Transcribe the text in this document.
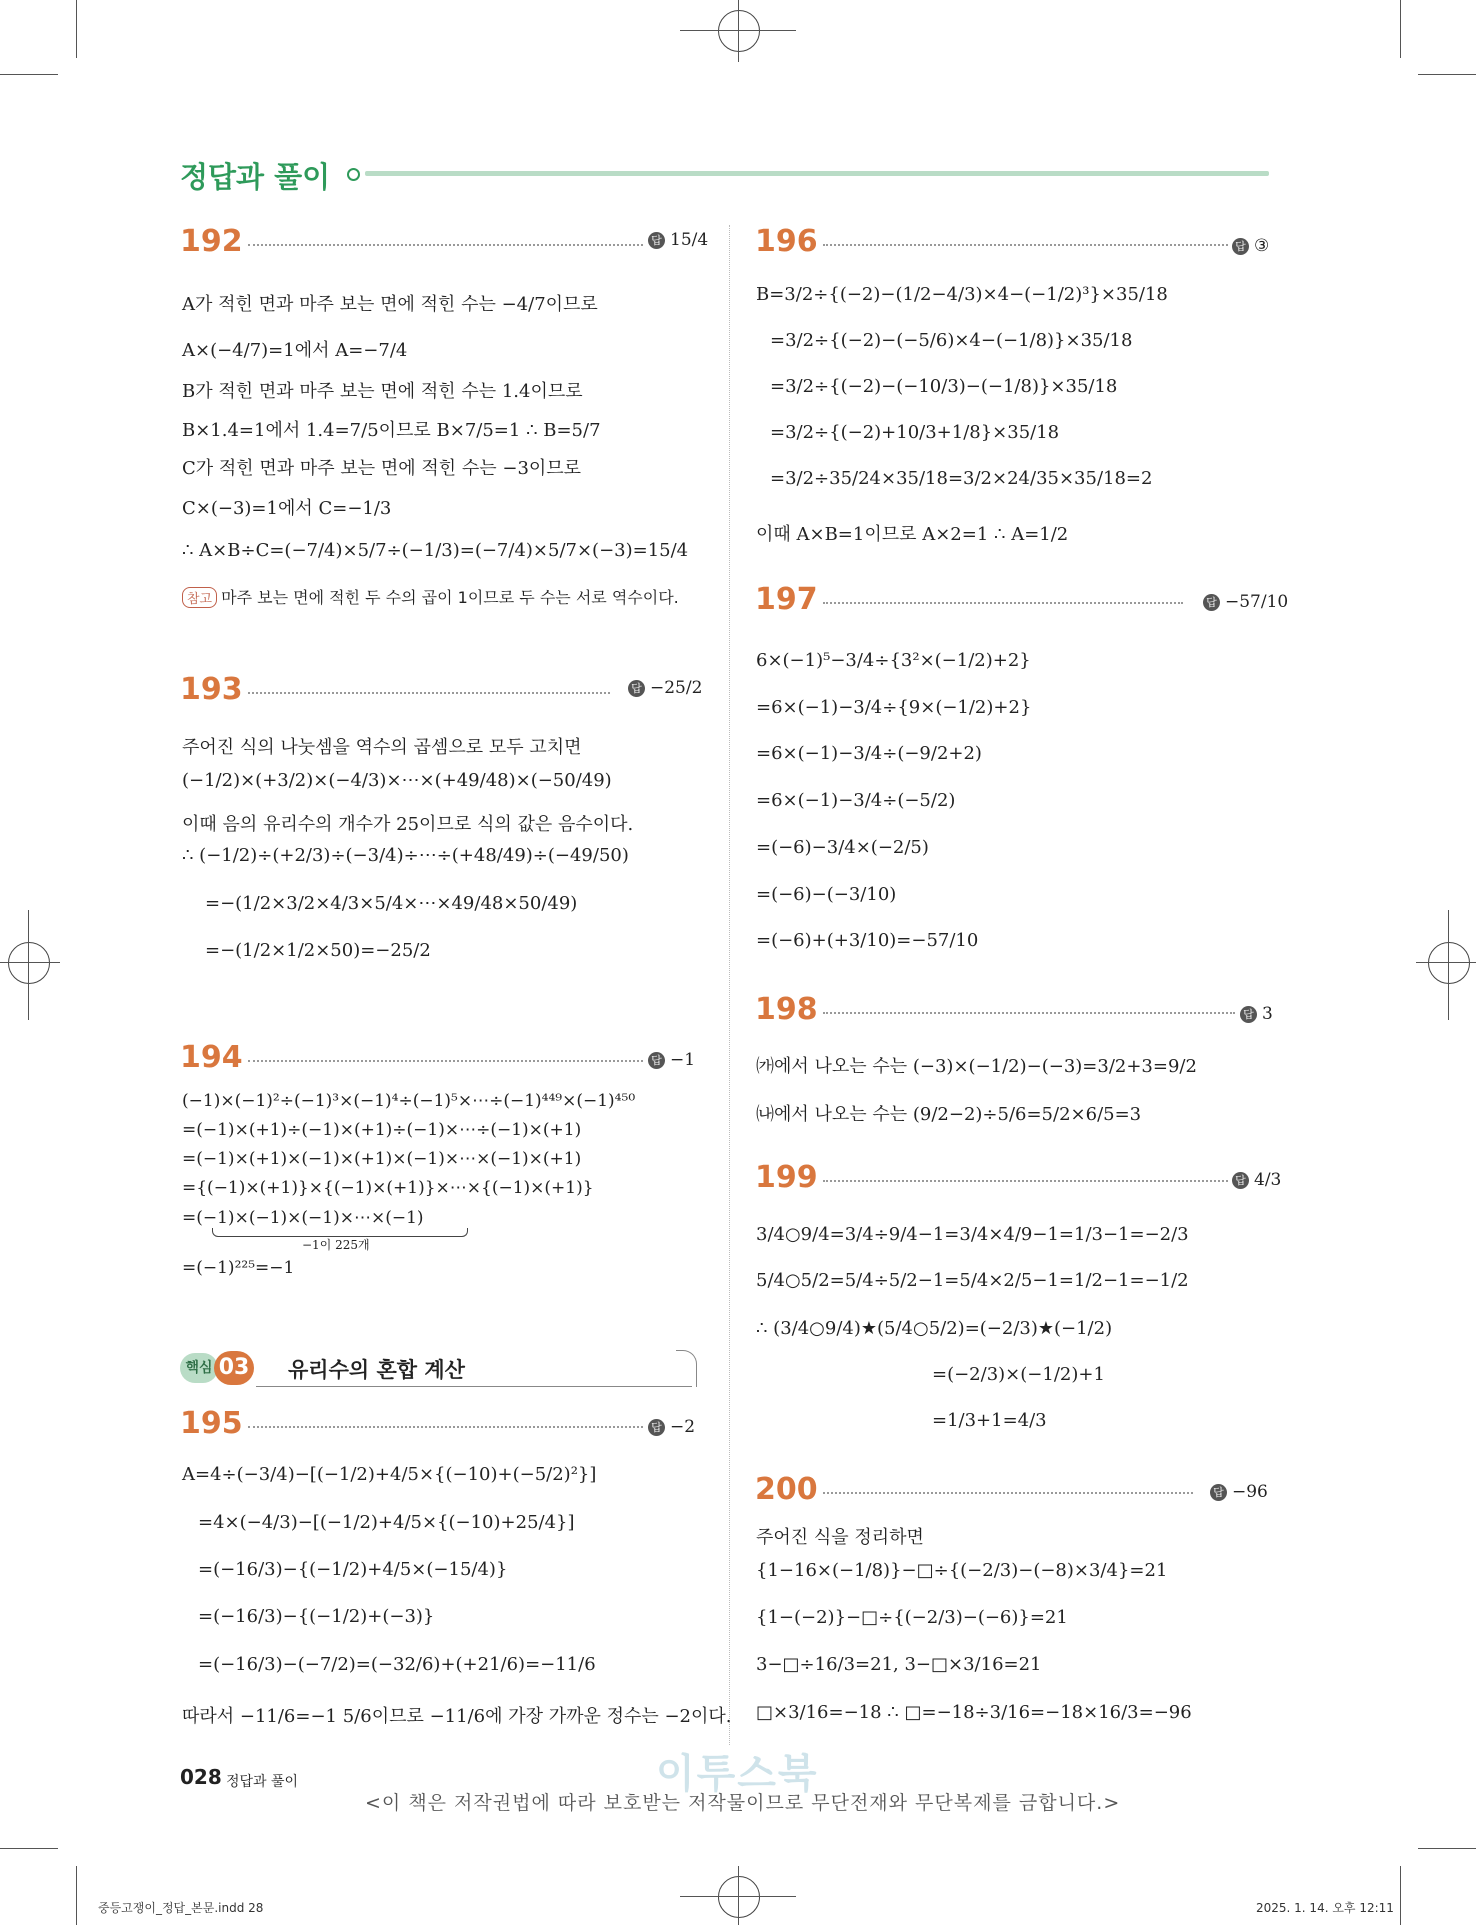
정답과 풀이
192	답 15/4
A가 적힌 면과 마주 보는 면에 적힌 수는 −4/7이므로
A×(−4/7)=1에서 A=−7/4
B가 적힌 면과 마주 보는 면에 적힌 수는 1.4이므로
B×1.4=1에서 1.4=7/5이므로 B×7/5=1 ∴ B=5/7
C가 적힌 면과 마주 보는 면에 적힌 수는 −3이므로
C×(−3)=1에서 C=−1/3
∴ A×B÷C=(−7/4)×5/7÷(−1/3)=(−7/4)×5/7×(−3)=15/4
참고 마주 보는 면에 적힌 두 수의 곱이 1이므로 두 수는 서로 역수이다.
193	답 −25/2
주어진 식의 나눗셈을 역수의 곱셈으로 모두 고치면
(−1/2)×(+3/2)×(−4/3)×⋯×(+49/48)×(−50/49)
이때 음의 유리수의 개수가 25이므로 식의 값은 음수이다.
∴ (−1/2)÷(+2/3)÷(−3/4)÷⋯÷(+48/49)÷(−49/50)
=−(1/2×3/2×4/3×5/4×⋯×49/48×50/49)
=−(1/2×1/2×50)=−25/2
194	답 −1
(−1)×(−1)²÷(−1)³×(−1)⁴÷(−1)⁵×⋯÷(−1)⁴⁴⁹×(−1)⁴⁵⁰
=(−1)×(+1)÷(−1)×(+1)÷(−1)×⋯÷(−1)×(+1)
=(−1)×(+1)×(−1)×(+1)×(−1)×⋯×(−1)×(+1)
={(−1)×(+1)}×{(−1)×(+1)}×⋯×{(−1)×(+1)}
=(−1)×(−1)×(−1)×⋯×(−1)
−1이 225개
=(−1)²²⁵=−1
핵심 03 유리수의 혼합 계산
195	답 −2
A=4÷(−3/4)−[(−1/2)+4/5×{(−10)+(−5/2)²}]
=4×(−4/3)−[(−1/2)+4/5×{(−10)+25/4}]
=(−16/3)−{(−1/2)+4/5×(−15/4)}
=(−16/3)−{(−1/2)+(−3)}
=(−16/3)−(−7/2)=(−32/6)+(+21/6)=−11/6
따라서 −11/6=−1 5/6이므로 −11/6에 가장 가까운 정수는 −2이다.
196	답 ③
B=3/2÷{(−2)−(1/2−4/3)×4−(−1/2)³}×35/18
=3/2÷{(−2)−(−5/6)×4−(−1/8)}×35/18
=3/2÷{(−2)−(−10/3)−(−1/8)}×35/18
=3/2÷{(−2)+10/3+1/8}×35/18
=3/2÷35/24×35/18=3/2×24/35×35/18=2
이때 A×B=1이므로 A×2=1 ∴ A=1/2
197	답 −57/10
6×(−1)⁵−3/4÷{3²×(−1/2)+2}
=6×(−1)−3/4÷{9×(−1/2)+2}
=6×(−1)−3/4÷(−9/2+2)
=6×(−1)−3/4÷(−5/2)
=(−6)−3/4×(−2/5)
=(−6)−(−3/10)
=(−6)+(+3/10)=−57/10
198	답 3
㈎에서 나오는 수는 (−3)×(−1/2)−(−3)=3/2+3=9/2
㈏에서 나오는 수는 (9/2−2)÷5/6=5/2×6/5=3
199	답 4/3
3/4○9/4=3/4÷9/4−1=3/4×4/9−1=1/3−1=−2/3
5/4○5/2=5/4÷5/2−1=5/4×2/5−1=1/2−1=−1/2
∴ (3/4○9/4)★(5/4○5/2)=(−2/3)★(−1/2)
=(−2/3)×(−1/2)+1
=1/3+1=4/3
200	답 −96
주어진 식을 정리하면
{1−16×(−1/8)}−□÷{(−2/3)−(−8)×3/4}=21
{1−(−2)}−□÷{(−2/3)−(−6)}=21
3−□÷16/3=21, 3−□×3/16=21
□×3/16=−18 ∴ □=−18÷3/16=−18×16/3=−96
028 정답과 풀이	이투스북
<이 책은 저작권법에 따라 보호받는 저작물이므로 무단전재와 무단복제를 금합니다.>
중등고쟁이_정답_본문.indd 28	2025. 1. 14. 오후 12:11
